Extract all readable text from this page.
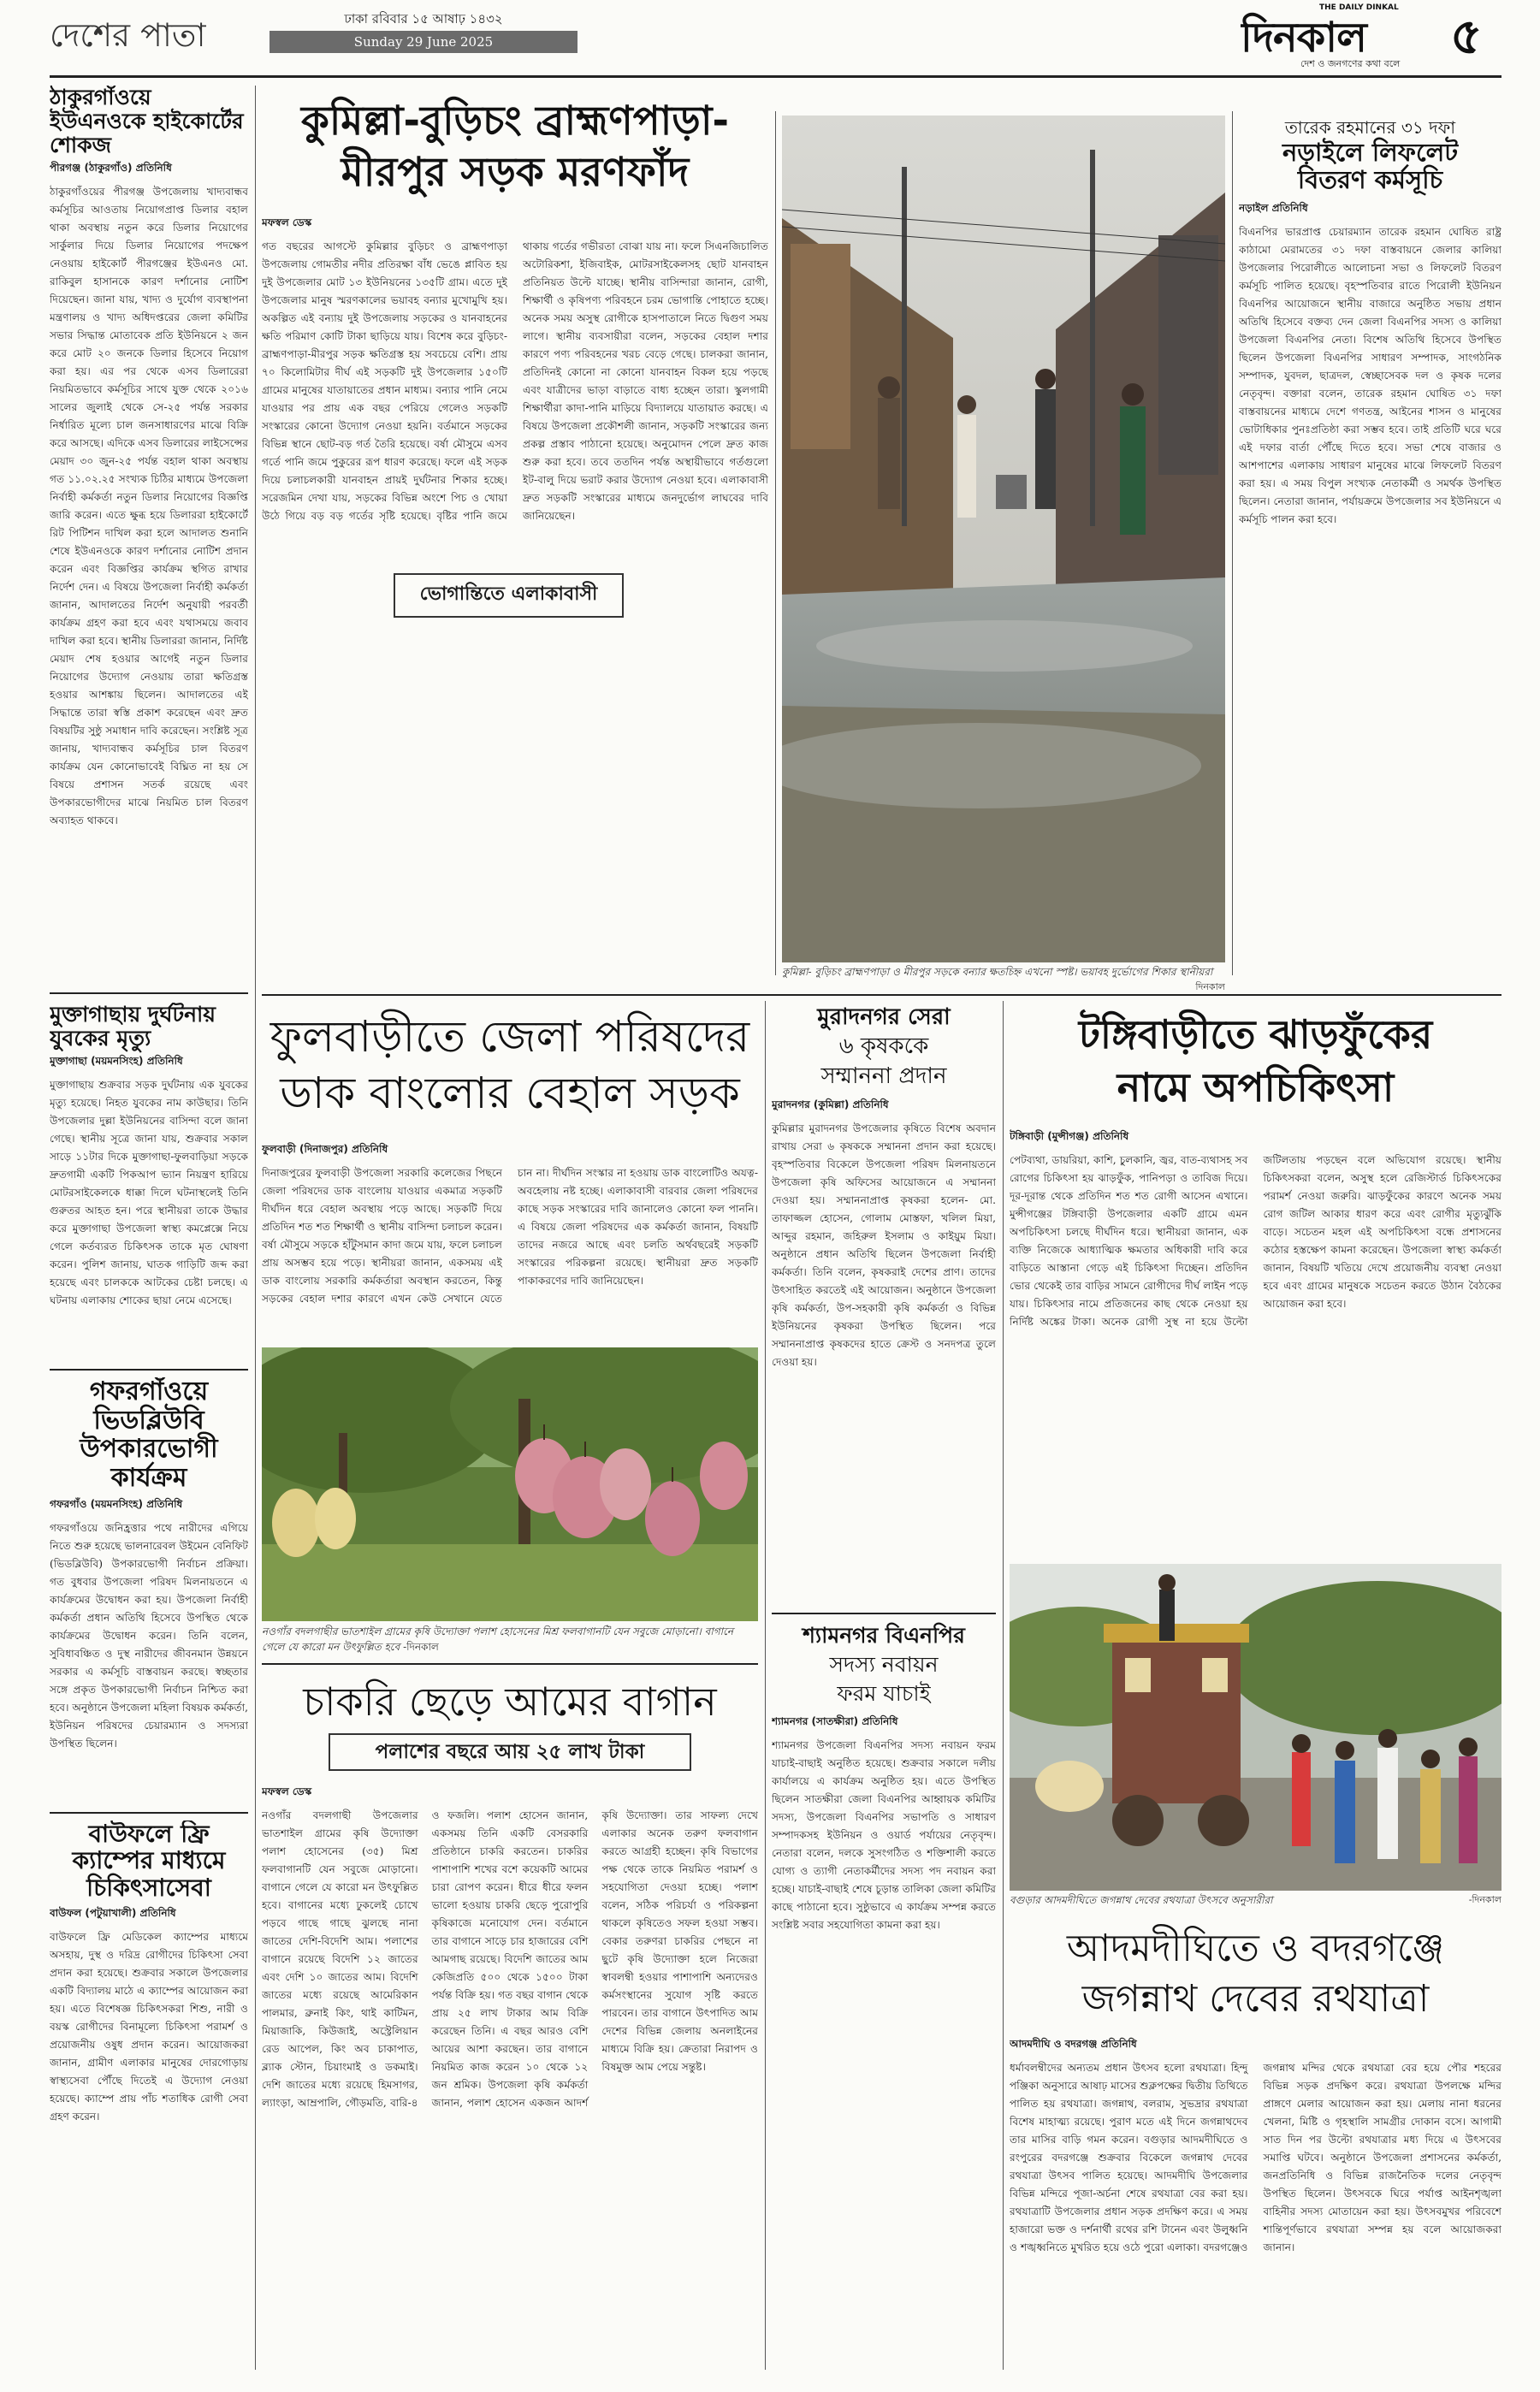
দেশের পাতা	ঢাকা রবিবার ১৫ আষাঢ় ১৪৩২
Sunday 29 June 2025
THE DAILY DINKAL
দিনকাল
দেশ ও জনগণের কথা বলে ৫
ঠাকুরগাঁওয়ে ইউএনওকে হাইকোর্টের শোকজ

পীরগঞ্জ (ঠাকুরগাঁও) প্রতিনিধি

ঠাকুরগাঁওয়ের পীরগঞ্জ উপজেলায় খাদ্যবান্ধব কর্মসূচির আওতায় নিয়োগপ্রাপ্ত ডিলার বহাল থাকা অবস্থায় নতুন করে ডিলার নিয়োগের সার্কুলার দিয়ে ডিলার নিয়োগের পদক্ষেপ নেওয়ায় হাইকোর্ট পীরগঞ্জের ইউএনও মো. রাকিবুল হাসানকে কারণ দর্শানোর নোটিশ দিয়েছেন। জানা যায়, খাদ্য ও দুর্যোগ ব্যবস্থাপনা মন্ত্রণালয় ও খাদ্য অধিদপ্তরের জেলা কমিটির সভার সিদ্ধান্ত মোতাবেক প্রতি ইউনিয়নে ২ জন করে মোট ২০ জনকে ডিলার হিসেবে নিয়োগ করা হয়। এর পর থেকে এসব ডিলারেরা নিয়মিতভাবে কর্মসূচির সাথে যুক্ত থেকে ২০১৬ সালের জুলাই থেকে সে-২৫ পর্যন্ত সরকার নির্ধারিত মূল্যে চাল জনসাধারণের মাঝে বিক্রি করে আসছে। এদিকে এসব ডিলারের লাইসেন্সের মেয়াদ ৩০ জুন-২৫ পর্যন্ত বহাল থাকা অবস্থায় গত ১১.০২.২৫ সংখ্যক চিঠির মাধ্যমে উপজেলা নির্বাহী কর্মকর্তা নতুন ডিলার নিয়োগের বিজ্ঞপ্তি জারি করেন। এতে ক্ষুব্ধ হয়ে ডিলাররা হাইকোর্টে রিট পিটিশন দাখিল করা হলে আদালত শুনানি শেষে ইউএনওকে কারণ দর্শানোর নোটিশ প্রদান করেন এবং বিজ্ঞপ্তির কার্যক্রম স্থগিত রাখার নির্দেশ দেন। এ বিষয়ে উপজেলা নির্বাহী কর্মকর্তা জানান, আদালতের নির্দেশ অনুযায়ী পরবর্তী কার্যক্রম গ্রহণ করা হবে এবং যথাসময়ে জবাব দাখিল করা হবে। স্থানীয় ডিলাররা জানান, নির্দিষ্ট মেয়াদ শেষ হওয়ার আগেই নতুন ডিলার নিয়োগের উদ্যোগ নেওয়ায় তারা ক্ষতিগ্রস্ত হওয়ার আশঙ্কায় ছিলেন। আদালতের এই সিদ্ধান্তে তারা স্বস্তি প্রকাশ করেছেন এবং দ্রুত বিষয়টির সুষ্ঠু সমাধান দাবি করেছেন। সংশ্লিষ্ট সূত্র জানায়, খাদ্যবান্ধব কর্মসূচির চাল বিতরণ কার্যক্রম যেন কোনোভাবেই বিঘ্নিত না হয় সে বিষয়ে প্রশাসন সতর্ক রয়েছে এবং উপকারভোগীদের মাঝে নিয়মিত চাল বিতরণ অব্যাহত থাকবে।

মুক্তাগাছায় দুর্ঘটনায় যুবকের মৃত্যু

মুক্তাগাছা (ময়মনসিংহ) প্রতিনিধি

মুক্তাগাছায় শুক্রবার সড়ক দুর্ঘটনায় এক যুবকের মৃত্যু হয়েছে। নিহত যুবকের নাম কাউছার। তিনি উপজেলার দুল্লা ইউনিয়নের বাসিন্দা বলে জানা গেছে। স্থানীয় সূত্রে জানা যায়, শুক্রবার সকাল সাড়ে ১১টার দিকে মুক্তাগাছা-ফুলবাড়িয়া সড়কে দ্রুতগামী একটি পিকআপ ভ্যান নিয়ন্ত্রণ হারিয়ে মোটরসাইকেলকে ধাক্কা দিলে ঘটনাস্থলেই তিনি গুরুতর আহত হন। পরে স্থানীয়রা তাকে উদ্ধার করে মুক্তাগাছা উপজেলা স্বাস্থ্য কমপ্লেক্সে নিয়ে গেলে কর্তব্যরত চিকিৎসক তাকে মৃত ঘোষণা করেন। পুলিশ জানায়, ঘাতক গাড়িটি জব্দ করা হয়েছে এবং চালককে আটকের চেষ্টা চলছে। এ ঘটনায় এলাকায় শোকের ছায়া নেমে এসেছে।

গফরগাঁওয়ে ভিডব্লিউবি উপকারভোগী কার্যক্রম

গফরগাঁও (ময়মনসিংহ) প্রতিনিধি

গফরগাঁওয়ে জনিহ্রত্তার পথে নারীদের এগিয়ে নিতে শুরু হয়েছে ভালনারেবল উইমেন বেনিফিট (ভিডব্লিউবি) উপকারভোগী নির্বাচন প্রক্রিয়া। গত বুধবার উপজেলা পরিষদ মিলনায়তনে এ কার্যক্রমের উদ্বোধন করা হয়। উপজেলা নির্বাহী কর্মকর্তা প্রধান অতিথি হিসেবে উপস্থিত থেকে কার্যক্রমের উদ্বোধন করেন। তিনি বলেন, সুবিধাবঞ্চিত ও দুস্থ নারীদের জীবনমান উন্নয়নে সরকার এ কর্মসূচি বাস্তবায়ন করছে। স্বচ্ছতার সঙ্গে প্রকৃত উপকারভোগী নির্বাচন নিশ্চিত করা হবে। অনুষ্ঠানে উপজেলা মহিলা বিষয়ক কর্মকর্তা, ইউনিয়ন পরিষদের চেয়ারম্যান ও সদস্যরা উপস্থিত ছিলেন।

বাউফলে ফ্রি ক্যাম্পের মাধ্যমে চিকিৎসাসেবা

বাউফল (পটুয়াখালী) প্রতিনিধি

বাউফলে ফ্রি মেডিকেল ক্যাম্পের মাধ্যমে অসহায়, দুস্থ ও দরিদ্র রোগীদের চিকিৎসা সেবা প্রদান করা হয়েছে। শুক্রবার সকালে উপজেলার একটি বিদ্যালয় মাঠে এ ক্যাম্পের আয়োজন করা হয়। এতে বিশেষজ্ঞ চিকিৎসকরা শিশু, নারী ও বয়স্ক রোগীদের বিনামূল্যে চিকিৎসা পরামর্শ ও প্রয়োজনীয় ওষুধ প্রদান করেন। আয়োজকরা জানান, গ্রামীণ এলাকার মানুষের দোরগোড়ায় স্বাস্থ্যসেবা পৌঁছে দিতেই এ উদ্যোগ নেওয়া হয়েছে। ক্যাম্পে প্রায় পাঁচ শতাধিক রোগী সেবা গ্রহণ করেন।

কুমিল্লা-বুড়িচং ব্রাহ্মণপাড়া-
মীরপুর সড়ক মরণফাঁদ

মফস্বল ডেস্ক

গত বছরের আগস্টে কুমিল্লার বুড়িচং ও ব্রাহ্মণপাড়া উপজেলায় গোমতীর নদীর প্রতিরক্ষা বাঁধ ভেঙে প্লাবিত হয় দুই উপজেলার মোট ১৩ ইউনিয়নের ১৩৫টি গ্রাম। এতে দুই উপজেলার মানুষ স্মরণকালের ভয়াবহ বন্যার মুখোমুখি হয়। অকল্পিত এই বন্যায় দুই উপজেলায় সড়কের ও যানবাহনের ক্ষতি পরিমাণ কোটি টাকা ছাড়িয়ে যায়। বিশেষ করে বুড়িচং-ব্রাহ্মণপাড়া-মীরপুর সড়ক ক্ষতিগ্রস্ত হয় সবচেয়ে বেশি। প্রায় ৭০ কিলোমিটার দীর্ঘ এই সড়কটি দুই উপজেলার ১৫০টি গ্রামের মানুষের যাতায়াতের প্রধান মাধ্যম। বন্যার পানি নেমে যাওয়ার পর প্রায় এক বছর পেরিয়ে গেলেও সড়কটি সংস্কারের কোনো উদ্যোগ নেওয়া হয়নি। বর্তমানে সড়কের বিভিন্ন স্থানে ছোট-বড় গর্ত তৈরি হয়েছে। বর্ষা মৌসুমে এসব গর্তে পানি জমে পুকুরের রূপ ধারণ করেছে। ফলে এই সড়ক দিয়ে চলাচলকারী যানবাহন প্রায়ই দুর্ঘটনার শিকার হচ্ছে। সরেজমিন দেখা যায়, সড়কের বিভিন্ন অংশে পিচ ও খোয়া উঠে গিয়ে বড় বড় গর্তের সৃষ্টি হয়েছে। বৃষ্টির পানি জমে থাকায় গর্তের গভীরতা বোঝা যায় না। ফলে সিএনজিচালিত অটোরিকশা, ইজিবাইক, মোটরসাইকেলসহ ছোট যানবাহন প্রতিনিয়ত উল্টে যাচ্ছে। স্থানীয় বাসিন্দারা জানান, রোগী, শিক্ষার্থী ও কৃষিপণ্য পরিবহনে চরম ভোগান্তি পোহাতে হচ্ছে। অনেক সময় অসুস্থ রোগীকে হাসপাতালে নিতে দ্বিগুণ সময় লাগে। স্থানীয় ব্যবসায়ীরা বলেন, সড়কের বেহাল দশার কারণে পণ্য পরিবহনের খরচ বেড়ে গেছে। চালকরা জানান, প্রতিদিনই কোনো না কোনো যানবাহন বিকল হয়ে পড়ছে এবং যাত্রীদের ভাড়া বাড়াতে বাধ্য হচ্ছেন তারা। স্কুলগামী শিক্ষার্থীরা কাদা-পানি মাড়িয়ে বিদ্যালয়ে যাতায়াত করছে। এ বিষয়ে উপজেলা প্রকৌশলী জানান, সড়কটি সংস্কারের জন্য প্রকল্প প্রস্তাব পাঠানো হয়েছে। অনুমোদন পেলে দ্রুত কাজ শুরু করা হবে। তবে ততদিন পর্যন্ত অস্থায়ীভাবে গর্তগুলো ইট-বালু দিয়ে ভরাট করার উদ্যোগ নেওয়া হবে। এলাকাবাসী দ্রুত সড়কটি সংস্কারের মাধ্যমে জনদুর্ভোগ লাঘবের দাবি জানিয়েছেন।

ভোগান্তিতে এলাকাবাসী
কুমিল্লা- বুড়িচং ব্রাহ্মণপাড়া ও মীরপুর সড়কে বন্যার ক্ষতচিহ্ন এখনো স্পষ্ট। ভয়াবহ দুর্ভোগের শিকার স্থানীয়রা
দিনকাল
তারেক রহমানের ৩১ দফা
নড়াইলে লিফলেট
বিতরণ কর্মসূচি

নড়াইল প্রতিনিধি

বিএনপির ভারপ্রাপ্ত চেয়ারম্যান তারেক রহমান ঘোষিত রাষ্ট্র কাঠামো মেরামতের ৩১ দফা বাস্তবায়নে জেলার কালিয়া উপজেলার পিরোলীতে আলোচনা সভা ও লিফলেট বিতরণ কর্মসূচি পালিত হয়েছে। বৃহস্পতিবার রাতে পিরোলী ইউনিয়ন বিএনপির আয়োজনে স্থানীয় বাজারে অনুষ্ঠিত সভায় প্রধান অতিথি হিসেবে বক্তব্য দেন জেলা বিএনপির সদস্য ও কালিয়া উপজেলা বিএনপির নেতা। বিশেষ অতিথি হিসেবে উপস্থিত ছিলেন উপজেলা বিএনপির সাধারণ সম্পাদক, সাংগঠনিক সম্পাদক, যুবদল, ছাত্রদল, স্বেচ্ছাসেবক দল ও কৃষক দলের নেতৃবৃন্দ। বক্তারা বলেন, তারেক রহমান ঘোষিত ৩১ দফা বাস্তবায়নের মাধ্যমে দেশে গণতন্ত্র, আইনের শাসন ও মানুষের ভোটাধিকার পুনঃপ্রতিষ্ঠা করা সম্ভব হবে। তাই প্রতিটি ঘরে ঘরে এই দফার বার্তা পৌঁছে দিতে হবে। সভা শেষে বাজার ও আশপাশের এলাকায় সাধারণ মানুষের মাঝে লিফলেট বিতরণ করা হয়। এ সময় বিপুল সংখ্যক নেতাকর্মী ও সমর্থক উপস্থিত ছিলেন। নেতারা জানান, পর্যায়ক্রমে উপজেলার সব ইউনিয়নে এ কর্মসূচি পালন করা হবে।

ফুলবাড়ীতে জেলা পরিষদের
ডাক বাংলোর বেহাল সড়ক

ফুলবাড়ী (দিনাজপুর) প্রতিনিধি

দিনাজপুরের ফুলবাড়ী উপজেলা সরকারি কলেজের পিছনে জেলা পরিষদের ডাক বাংলোয় যাওয়ার একমাত্র সড়কটি দীর্ঘদিন ধরে বেহাল অবস্থায় পড়ে আছে। সড়কটি দিয়ে প্রতিদিন শত শত শিক্ষার্থী ও স্থানীয় বাসিন্দা চলাচল করেন। বর্ষা মৌসুমে সড়কে হাঁটুসমান কাদা জমে যায়, ফলে চলাচল প্রায় অসম্ভব হয়ে পড়ে। স্থানীয়রা জানান, একসময় এই ডাক বাংলোয় সরকারি কর্মকর্তারা অবস্থান করতেন, কিন্তু সড়কের বেহাল দশার কারণে এখন কেউ সেখানে যেতে চান না। দীর্ঘদিন সংস্কার না হওয়ায় ডাক বাংলোটিও অযত্ন-অবহেলায় নষ্ট হচ্ছে। এলাকাবাসী বারবার জেলা পরিষদের কাছে সড়ক সংস্কারের দাবি জানালেও কোনো ফল পাননি। এ বিষয়ে জেলা পরিষদের এক কর্মকর্তা জানান, বিষয়টি তাদের নজরে আছে এবং চলতি অর্থবছরেই সড়কটি সংস্কারের পরিকল্পনা রয়েছে। স্থানীয়রা দ্রুত সড়কটি পাকাকরণের দাবি জানিয়েছেন।

নওগাঁর বদলগাছীর ভাতশাইল গ্রামের কৃষি উদ্যোক্তা পলাশ হোসেনের মিশ্র ফলবাগানটি যেন সবুজে মোড়ানো। বাগানে গেলে যে কারো মন উৎফুল্লিত হবে -দিনকাল
চাকরি ছেড়ে আমের বাগান
পলাশের বছরে আয় ২৫ লাখ টাকা

মফস্বল ডেস্ক

নওগাঁর বদলগাছী উপজেলার ভাতশাইল গ্রামের কৃষি উদ্যোক্তা পলাশ হোসেনের (৩৫) মিশ্র ফলবাগানটি যেন সবুজে মোড়ানো। বাগানে গেলে যে কারো মন উৎফুল্লিত হবে। বাগানের মধ্যে ঢুকলেই চোখে পড়বে গাছে গাছে ঝুলছে নানা জাতের দেশি-বিদেশি আম। পলাশের বাগানে রয়েছে বিদেশি ১২ জাতের এবং দেশি ১০ জাতের আম। বিদেশি জাতের মধ্যে রয়েছে আমেরিকান পালমার, ব্রুনাই কিং, থাই কাটিমন, মিয়াজাকি, কিউজাই, অস্ট্রেলিয়ান রেড আপেল, কিং অব চাকাপাত, ব্ল্যাক স্টোন, চিয়াংমাই ও ডকমাই। দেশি জাতের মধ্যে রয়েছে হিমসাগর, ল্যাংড়া, আম্রপালি, গৌড়মতি, বারি-৪ ও ফজলি। পলাশ হোসেন জানান, একসময় তিনি একটি বেসরকারি প্রতিষ্ঠানে চাকরি করতেন। চাকরির পাশাপাশি শখের বশে কয়েকটি আমের চারা রোপণ করেন। ধীরে ধীরে ফলন ভালো হওয়ায় চাকরি ছেড়ে পুরোপুরি কৃষিকাজে মনোযোগ দেন। বর্তমানে তার বাগানে সাড়ে চার হাজারের বেশি আমগাছ রয়েছে। বিদেশি জাতের আম কেজিপ্রতি ৫০০ থেকে ১৫০০ টাকা পর্যন্ত বিক্রি হয়। গত বছর বাগান থেকে প্রায় ২৫ লাখ টাকার আম বিক্রি করেছেন তিনি। এ বছর আরও বেশি আয়ের আশা করছেন। তার বাগানে নিয়মিত কাজ করেন ১০ থেকে ১২ জন শ্রমিক। উপজেলা কৃষি কর্মকর্তা জানান, পলাশ হোসেন একজন আদর্শ কৃষি উদ্যোক্তা। তার সাফল্য দেখে এলাকার অনেক তরুণ ফলবাগান করতে আগ্রহী হচ্ছেন। কৃষি বিভাগের পক্ষ থেকে তাকে নিয়মিত পরামর্শ ও সহযোগিতা দেওয়া হচ্ছে। পলাশ বলেন, সঠিক পরিচর্যা ও পরিকল্পনা থাকলে কৃষিতেও সফল হওয়া সম্ভব। বেকার তরুণরা চাকরির পেছনে না ছুটে কৃষি উদ্যোক্তা হলে নিজেরা স্বাবলম্বী হওয়ার পাশাপাশি অন্যদেরও কর্মসংস্থানের সুযোগ সৃষ্টি করতে পারবেন। তার বাগানে উৎপাদিত আম দেশের বিভিন্ন জেলায় অনলাইনের মাধ্যমে বিক্রি হয়। ক্রেতারা নিরাপদ ও বিষমুক্ত আম পেয়ে সন্তুষ্ট।

মুরাদনগর সেরা
৬ কৃষককে
সম্মাননা প্রদান

মুরাদনগর (কুমিল্লা) প্রতিনিধি

কুমিল্লার মুরাদনগর উপজেলার কৃষিতে বিশেষ অবদান রাখায় সেরা ৬ কৃষককে সম্মাননা প্রদান করা হয়েছে। বৃহস্পতিবার বিকেলে উপজেলা পরিষদ মিলনায়তনে উপজেলা কৃষি অফিসের আয়োজনে এ সম্মাননা দেওয়া হয়। সম্মাননাপ্রাপ্ত কৃষকরা হলেন- মো. তাফাজ্জল হোসেন, গোলাম মোস্তফা, খলিল মিয়া, আব্দুর রহমান, জহিরুল ইসলাম ও কাইয়ুম মিয়া। অনুষ্ঠানে প্রধান অতিথি ছিলেন উপজেলা নির্বাহী কর্মকর্তা। তিনি বলেন, কৃষকরাই দেশের প্রাণ। তাদের উৎসাহিত করতেই এই আয়োজন। অনুষ্ঠানে উপজেলা কৃষি কর্মকর্তা, উপ-সহকারী কৃষি কর্মকর্তা ও বিভিন্ন ইউনিয়নের কৃষকরা উপস্থিত ছিলেন। পরে সম্মাননাপ্রাপ্ত কৃষকদের হাতে ক্রেস্ট ও সনদপত্র তুলে দেওয়া হয়।

শ্যামনগর বিএনপির
সদস্য নবায়ন
ফরম যাচাই

শ্যামনগর (সাতক্ষীরা) প্রতিনিধি

শ্যামনগর উপজেলা বিএনপির সদস্য নবায়ন ফরম যাচাই-বাছাই অনুষ্ঠিত হয়েছে। শুক্রবার সকালে দলীয় কার্যালয়ে এ কার্যক্রম অনুষ্ঠিত হয়। এতে উপস্থিত ছিলেন সাতক্ষীরা জেলা বিএনপির আহ্বায়ক কমিটির সদস্য, উপজেলা বিএনপির সভাপতি ও সাধারণ সম্পাদকসহ ইউনিয়ন ও ওয়ার্ড পর্যায়ের নেতৃবৃন্দ। নেতারা বলেন, দলকে সুসংগঠিত ও শক্তিশালী করতে যোগ্য ও ত্যাগী নেতাকর্মীদের সদস্য পদ নবায়ন করা হচ্ছে। যাচাই-বাছাই শেষে চূড়ান্ত তালিকা জেলা কমিটির কাছে পাঠানো হবে। সুষ্ঠুভাবে এ কার্যক্রম সম্পন্ন করতে সংশ্লিষ্ট সবার সহযোগিতা কামনা করা হয়।

টঙ্গিবাড়ীতে ঝাড়ফুঁকের
নামে অপচিকিৎসা

টঙ্গিবাড়ী (মুন্সীগঞ্জ) প্রতিনিধি

পেটব্যথা, ডায়রিয়া, কাশি, চুলকানি, জ্বর, বাত-ব্যথাসহ সব রোগের চিকিৎসা হয় ঝাড়ফুঁক, পানিপড়া ও তাবিজ দিয়ে। দূর-দূরান্ত থেকে প্রতিদিন শত শত রোগী আসেন এখানে। মুন্সীগঞ্জের টঙ্গিবাড়ী উপজেলার একটি গ্রামে এমন অপচিকিৎসা চলছে দীর্ঘদিন ধরে। স্থানীয়রা জানান, এক ব্যক্তি নিজেকে আধ্যাত্মিক ক্ষমতার অধিকারী দাবি করে বাড়িতে আস্তানা গেড়ে এই চিকিৎসা দিচ্ছেন। প্রতিদিন ভোর থেকেই তার বাড়ির সামনে রোগীদের দীর্ঘ লাইন পড়ে যায়। চিকিৎসার নামে প্রতিজনের কাছ থেকে নেওয়া হয় নির্দিষ্ট অঙ্কের টাকা। অনেক রোগী সুস্থ না হয়ে উল্টো জটিলতায় পড়ছেন বলে অভিযোগ রয়েছে। স্থানীয় চিকিৎসকরা বলেন, অসুস্থ হলে রেজিস্টার্ড চিকিৎসকের পরামর্শ নেওয়া জরুরি। ঝাড়ফুঁকের কারণে অনেক সময় রোগ জটিল আকার ধারণ করে এবং রোগীর মৃত্যুঝুঁকি বাড়ে। সচেতন মহল এই অপচিকিৎসা বন্ধে প্রশাসনের কঠোর হস্তক্ষেপ কামনা করেছেন। উপজেলা স্বাস্থ্য কর্মকর্তা জানান, বিষয়টি খতিয়ে দেখে প্রয়োজনীয় ব্যবস্থা নেওয়া হবে এবং গ্রামের মানুষকে সচেতন করতে উঠান বৈঠকের আয়োজন করা হবে।

বগুড়ার আদমদীঘিতে জগন্নাথ দেবের রথযাত্রা উৎসবে অনুসারীরা	-দিনকাল
আদমদীঘিতে ও বদরগঞ্জে
জগন্নাথ দেবের রথযাত্রা

আদমদীঘি ও বদরগঞ্জ প্রতিনিধি

ধর্মাবলম্বীদের অন্যতম প্রধান উৎসব হলো রথযাত্রা। হিন্দু পঞ্জিকা অনুসারে আষাঢ় মাসের শুক্লপক্ষের দ্বিতীয় তিথিতে পালিত হয় রথযাত্রা। জগন্নাথ, বলরাম, সুভদ্রার রথযাত্রা বিশেষ মাহাত্ম্য রয়েছে। পুরাণ মতে এই দিনে জগন্নাথদেব তার মাসির বাড়ি গমন করেন। বগুড়ার আদমদীঘিতে ও রংপুরের বদরগঞ্জে শুক্রবার বিকেলে জগন্নাথ দেবের রথযাত্রা উৎসব পালিত হয়েছে। আদমদীঘি উপজেলার বিভিন্ন মন্দিরে পূজা-অর্চনা শেষে রথযাত্রা বের করা হয়। রথযাত্রাটি উপজেলার প্রধান সড়ক প্রদক্ষিণ করে। এ সময় হাজারো ভক্ত ও দর্শনার্থী রথের রশি টানেন এবং উলুধ্বনি ও শঙ্খধ্বনিতে মুখরিত হয়ে ওঠে পুরো এলাকা। বদরগঞ্জেও জগন্নাথ মন্দির থেকে রথযাত্রা বের হয়ে পৌর শহরের বিভিন্ন সড়ক প্রদক্ষিণ করে। রথযাত্রা উপলক্ষে মন্দির প্রাঙ্গণে মেলার আয়োজন করা হয়। মেলায় নানা ধরনের খেলনা, মিষ্টি ও গৃহস্থালি সামগ্রীর দোকান বসে। আগামী সাত দিন পর উল্টো রথযাত্রার মধ্য দিয়ে এ উৎসবের সমাপ্তি ঘটবে। অনুষ্ঠানে উপজেলা প্রশাসনের কর্মকর্তা, জনপ্রতিনিধি ও বিভিন্ন রাজনৈতিক দলের নেতৃবৃন্দ উপস্থিত ছিলেন। উৎসবকে ঘিরে পর্যাপ্ত আইনশৃঙ্খলা বাহিনীর সদস্য মোতায়েন করা হয়। উৎসবমুখর পরিবেশে শান্তিপূর্ণভাবে রথযাত্রা সম্পন্ন হয় বলে আয়োজকরা জানান।
